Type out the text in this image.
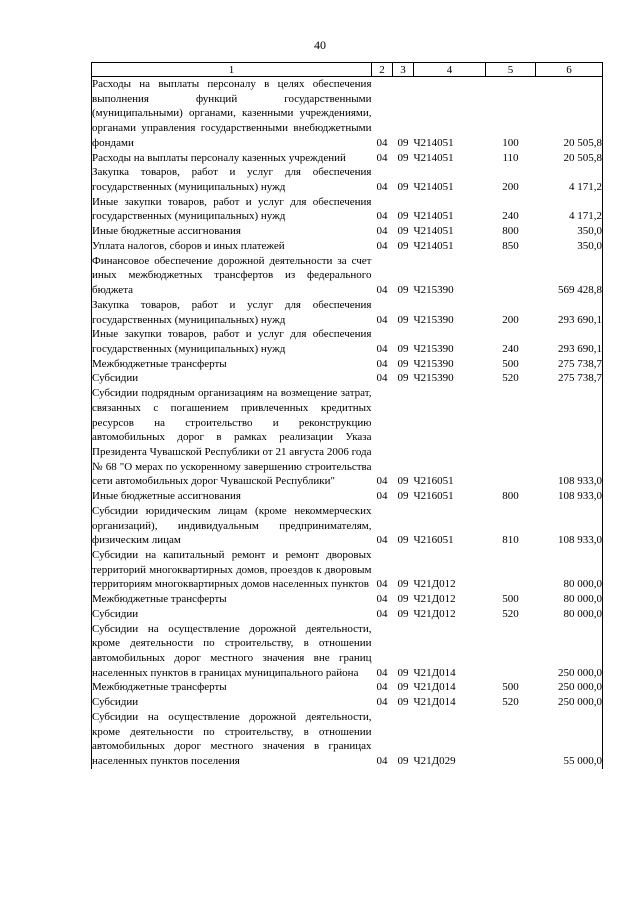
40
1	2	3	4	5	6
Расходы на выплаты персоналу в целях обеспечения выполнения функций государственными (муниципальными) органами, казенными учреждениями, органами управления государственными внебюджетными фондами	04	09	Ч214051	100	20 505,8
Расходы на выплаты персоналу казенных учреждений	04	09	Ч214051	110	20 505,8
Закупка товаров, работ и услуг для обеспечения государственных (муниципальных) нужд	04	09	Ч214051	200	4 171,2
Иные закупки товаров, работ и услуг для обеспечения государственных (муниципальных) нужд	04	09	Ч214051	240	4 171,2
Иные бюджетные ассигнования	04	09	Ч214051	800	350,0
Уплата налогов, сборов и иных платежей	04	09	Ч214051	850	350,0
Финансовое обеспечение дорожной деятельности за счет иных межбюджетных трансфертов из федерального бюджета	04	09	Ч215390		569 428,8
Закупка товаров, работ и услуг для обеспечения государственных (муниципальных) нужд	04	09	Ч215390	200	293 690,1
Иные закупки товаров, работ и услуг для обеспечения государственных (муниципальных) нужд	04	09	Ч215390	240	293 690,1
Межбюджетные трансферты	04	09	Ч215390	500	275 738,7
Субсидии	04	09	Ч215390	520	275 738,7
Субсидии подрядным организациям на возмещение затрат, связанных с погашением привлеченных кредитных ресурсов на строительство и реконструкцию автомобильных дорог в рамках реализации Указа Президента Чувашской Республики от 21 августа 2006 года № 68 "О мерах по ускоренному завершению строительства сети автомобильных дорог Чувашской Республики"	04	09	Ч216051		108 933,0
Иные бюджетные ассигнования	04	09	Ч216051	800	108 933,0
Субсидии юридическим лицам (кроме некоммерческих организаций), индивидуальным предпринимателям, физическим лицам	04	09	Ч216051	810	108 933,0
Субсидии на капитальный ремонт и ремонт дворовых территорий многоквартирных домов, проездов к дворовым территориям многоквартирных домов населенных пунктов	04	09	Ч21Д012		80 000,0
Межбюджетные трансферты	04	09	Ч21Д012	500	80 000,0
Субсидии	04	09	Ч21Д012	520	80 000,0
Субсидии на осуществление дорожной деятельности, кроме деятельности по строительству, в отношении автомобильных дорог местного значения вне границ населенных пунктов в границах муниципального района	04	09	Ч21Д014		250 000,0
Межбюджетные трансферты	04	09	Ч21Д014	500	250 000,0
Субсидии	04	09	Ч21Д014	520	250 000,0
Субсидии на осуществление дорожной деятельности, кроме деятельности по строительству, в отношении автомобильных дорог местного значения в границах населенных пунктов поселения	04	09	Ч21Д029		55 000,0
